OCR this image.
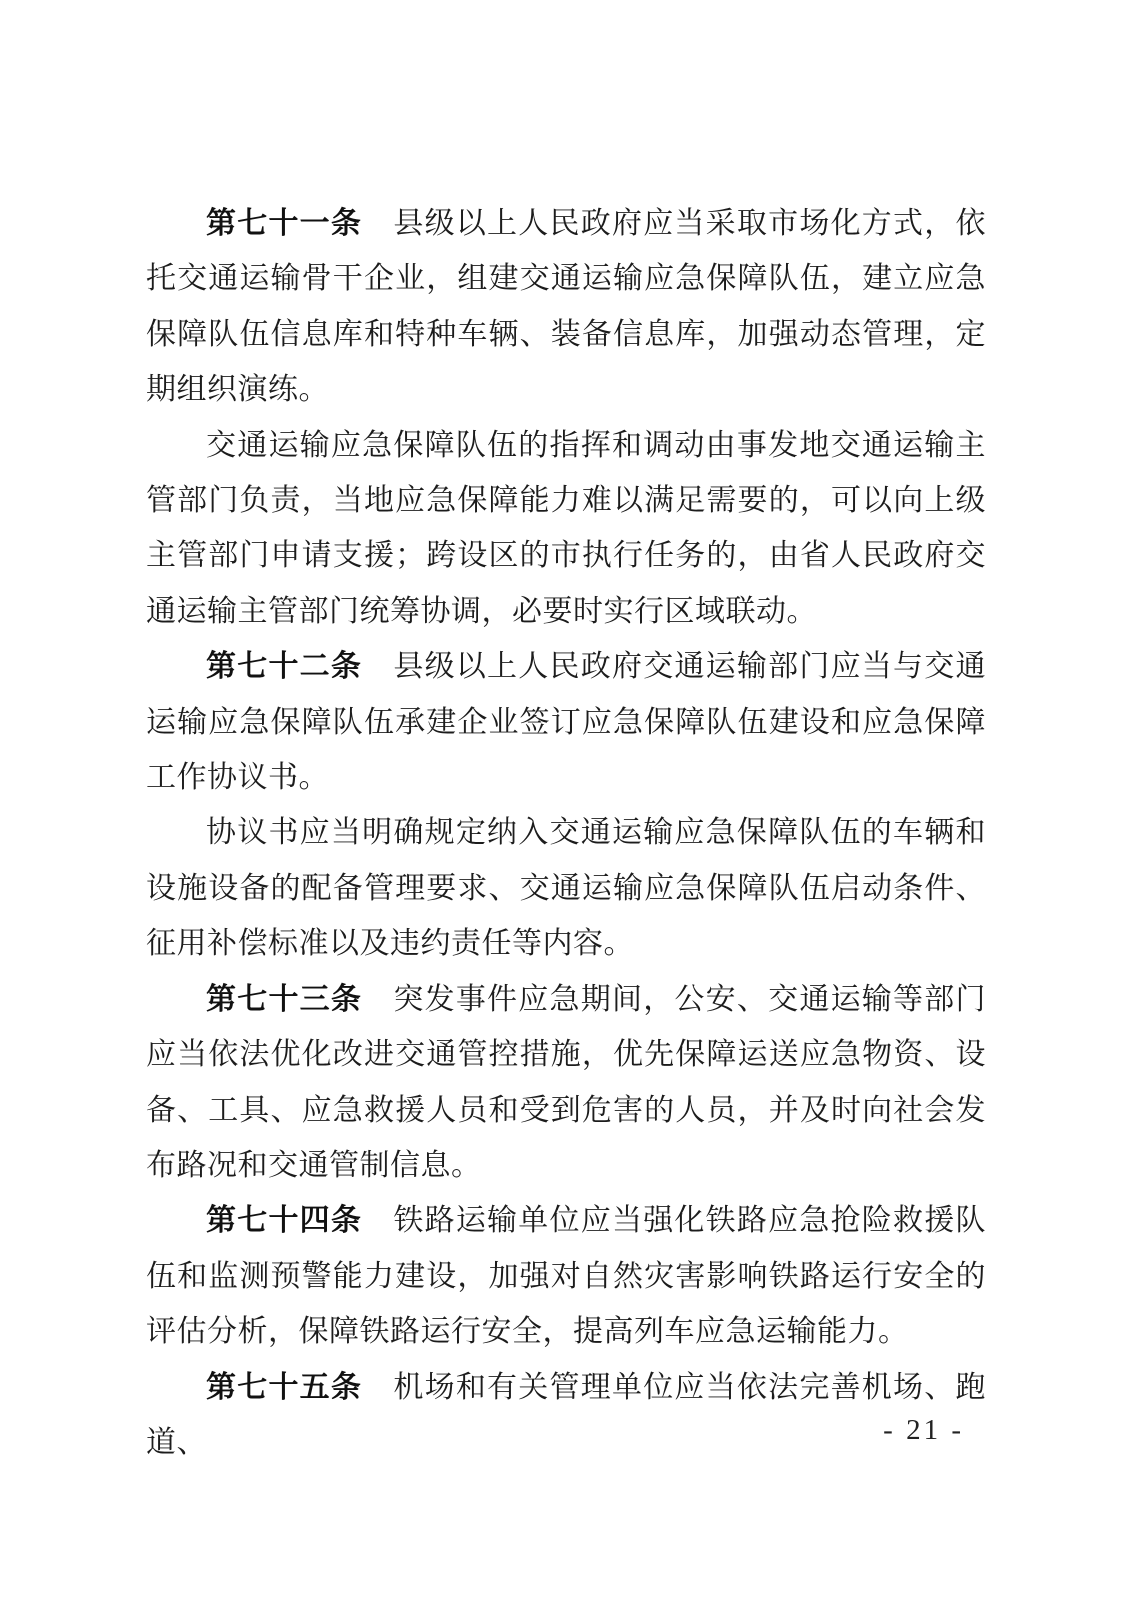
第七十一条　县级以上人民政府应当采取市场化方式，依托交通运输骨干企业，组建交通运输应急保障队伍，建立应急保障队伍信息库和特种车辆、装备信息库，加强动态管理，定期组织演练。

交通运输应急保障队伍的指挥和调动由事发地交通运输主管部门负责，当地应急保障能力难以满足需要的，可以向上级主管部门申请支援；跨设区的市执行任务的，由省人民政府交通运输主管部门统筹协调，必要时实行区域联动。

第七十二条　县级以上人民政府交通运输部门应当与交通运输应急保障队伍承建企业签订应急保障队伍建设和应急保障工作协议书。

协议书应当明确规定纳入交通运输应急保障队伍的车辆和设施设备的配备管理要求、交通运输应急保障队伍启动条件、征用补偿标准以及违约责任等内容。

第七十三条　突发事件应急期间，公安、交通运输等部门应当依法优化改进交通管控措施，优先保障运送应急物资、设备、工具、应急救援人员和受到危害的人员，并及时向社会发布路况和交通管制信息。

第七十四条　铁路运输单位应当强化铁路应急抢险救援队伍和监测预警能力建设，加强对自然灾害影响铁路运行安全的评估分析，保障铁路运行安全，提高列车应急运输能力。

第七十五条　机场和有关管理单位应当依法完善机场、跑道、	- 21 -
